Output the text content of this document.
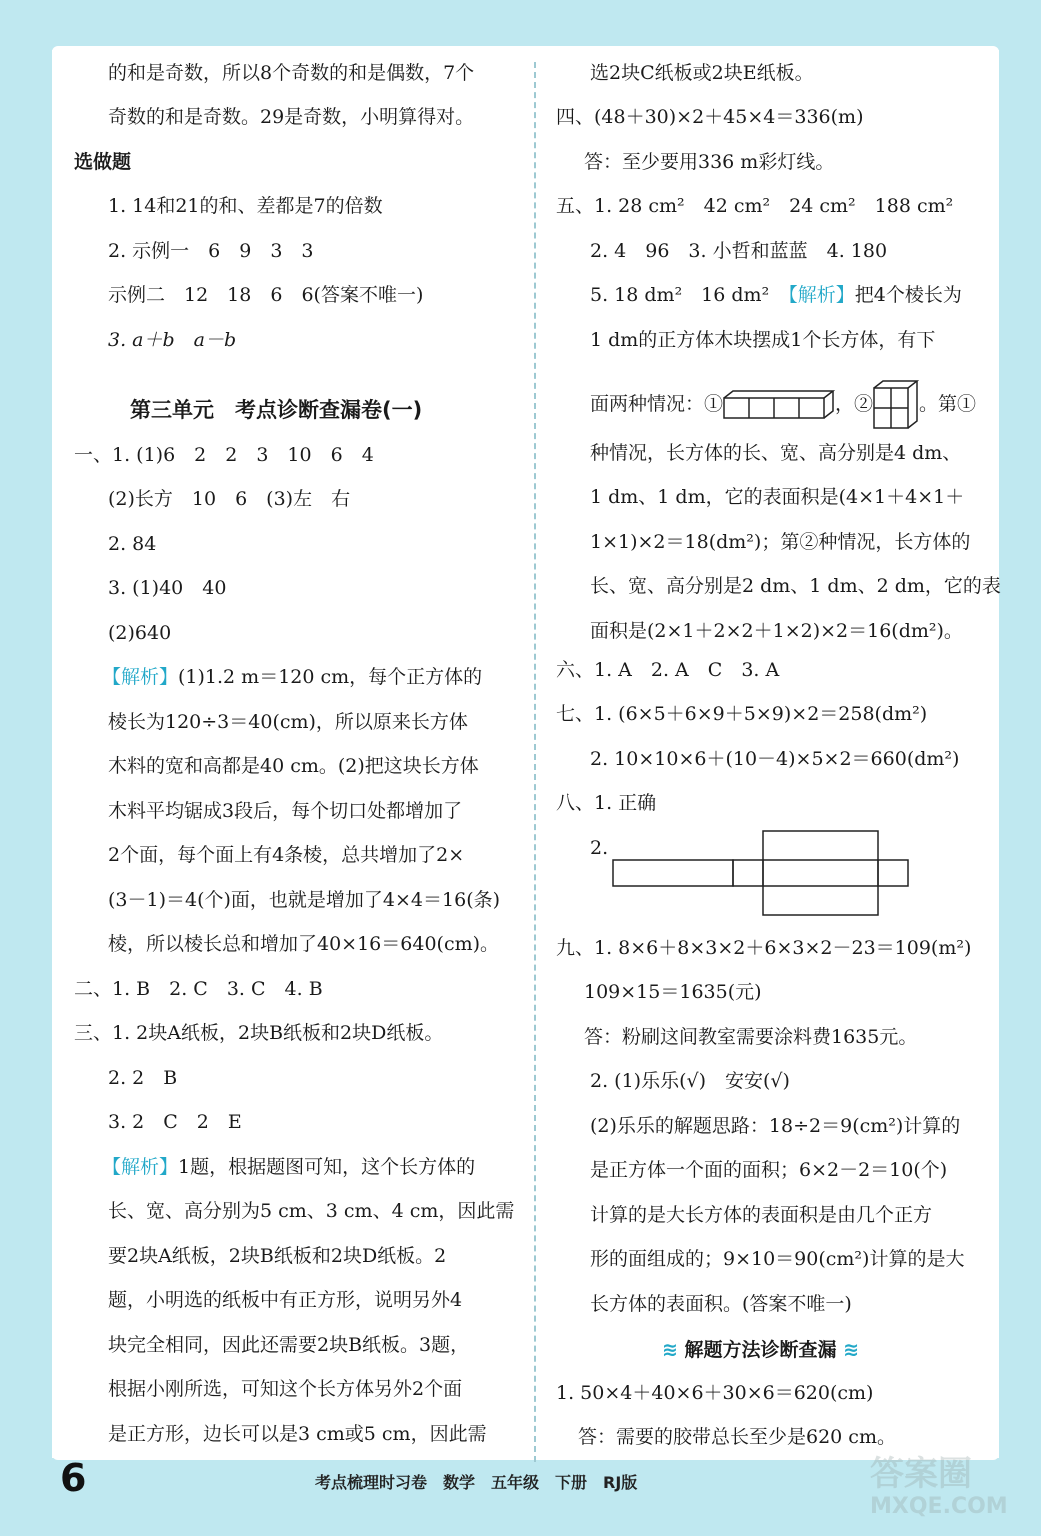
的和是奇数，所以8个奇数的和是偶数，7个
奇数的和是奇数。29是奇数，小明算得对。
选做题
1. 14和21的和、差都是7的倍数
2. 示例一　6　9　3　3
示例二　12　18　6　6(答案不唯一)
3. a＋b　a－b
第三单元　考点诊断查漏卷(一)
一、1. (1)6　2　2　3　10　6　4
(2)长方　10　6　(3)左　右
2. 84
3. (1)40　40
(2)640
【解析】(1)1.2 m＝120 cm，每个正方体的
棱长为120÷3＝40(cm)，所以原来长方体
木料的宽和高都是40 cm。(2)把这块长方体
木料平均锯成3段后，每个切口处都增加了
2个面，每个面上有4条棱，总共增加了2×
(3－1)＝4(个)面，也就是增加了4×4＝16(条)
棱，所以棱长总和增加了40×16＝640(cm)。
二、1. B　2. C　3. C　4. B
三、1. 2块A纸板，2块B纸板和2块D纸板。
2. 2　B
3. 2　C　2　E
【解析】1题，根据题图可知，这个长方体的
长、宽、高分别为5 cm、3 cm、4 cm，因此需
要2块A纸板，2块B纸板和2块D纸板。2
题，小明选的纸板中有正方形，说明另外4
块完全相同，因此还需要2块B纸板。3题，
根据小刚所选，可知这个长方体另外2个面
是正方形，边长可以是3 cm或5 cm，因此需
选2块C纸板或2块E纸板。
四、(48＋30)×2＋45×4＝336(m)
答：至少要用336 m彩灯线。
五、1. 28 cm²　42 cm²　24 cm²　188 cm²
2. 4　96　3. 小哲和蓝蓝　4. 180
5. 18 dm²　16 dm²　 【解析】把4个棱长为
1 dm的正方体木块摆成1个长方体，有下
面两种情况：①	，② 。第①
种情况，长方体的长、宽、高分别是4 dm、
1 dm、1 dm，它的表面积是(4×1＋4×1＋
1×1)×2＝18(dm²)；第②种情况，长方体的
长、宽、高分别是2 dm、1 dm、2 dm，它的表
面积是(2×1＋2×2＋1×2)×2＝16(dm²)。
六、1. A　2. A　C　3. A
七、1. (6×5＋6×9＋5×9)×2＝258(dm²)
2. 10×10×6＋(10－4)×5×2＝660(dm²)
八、1. 正确
2.
九、1. 8×6＋8×3×2＋6×3×2－23＝109(m²)
109×15＝1635(元)
答：粉刷这间教室需要涂料费1635元。
2. (1)乐乐(√)　安安(√)
(2)乐乐的解题思路：18÷2＝9(cm²)计算的
是正方体一个面的面积；6×2－2＝10(个)
计算的是大长方体的表面积是由几个正方
形的面组成的；9×10＝90(cm²)计算的是大
长方体的表面积。(答案不唯一)
≋ 解题方法诊断查漏 ≋
1. 50×4＋40×6＋30×6＝620(cm)
答：需要的胶带总长至少是620 cm。
6	考点梳理时习卷　数学　五年级　下册　RJ版	答案圈
MXQE.COM
